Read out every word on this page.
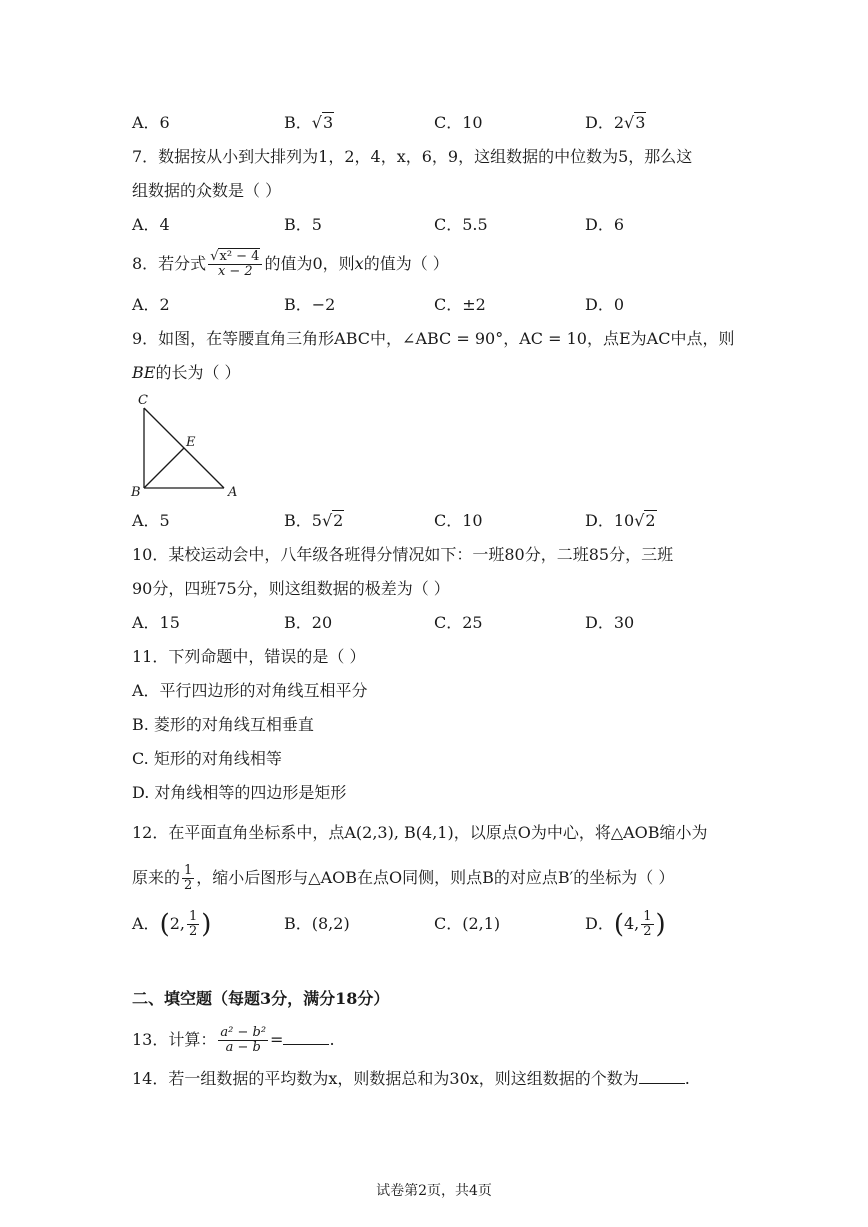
A．6	B．√3	C．10	D．2√3
7．数据按从小到大排列为1，2，4，x，6，9，这组数据的中位数为5，那么这
组数据的众数是（ ）
A．4	B．5	C．5.5	D．6
8．若分式 $\frac{\text{√x² − 4}}{x - 2}$ 的值为0，则x的值为（ ）
A．2	B．−2	C．±2	D．0
9．如图，在等腰直角三角形ABC中，∠ABC = 90°，AC = 10，点E为AC中点，则
BE的长为（ ）
C
E
B	A
A．5	B．5√2	C．10	D．10√2
10．某校运动会中，八年级各班得分情况如下：一班80分，二班85分，三班
90分，四班75分，则这组数据的极差为（ ）
A．15	B．20	C．25	D．30
11．下列命题中，错误的是（ ）
A．平行四边形的对角线互相平分
B. 菱形的对角线互相垂直
C. 矩形的对角线相等
D. 对角线相等的四边形是矩形
12．在平面直角坐标系中，点A(2,3), B(4,1)，以原点O为中心，将△AOB缩小为
原来的 $\frac{1}{2}$ ，缩小后图形与△AOB在点O同侧，则点B的对应点B′的坐标为（ ）
A．(2, $\frac{1}{2}$ )	B．(8,2)	C．(2,1)	D．(4, $\frac{1}{2}$ )
二、填空题（每题3分，满分18分）
13．计算： $\frac{\text{a² − b²}}{a - b}$ =	.
14．若一组数据的平均数为x，则数据总和为30x，则这组数据的个数为	.
试卷第2页，共4页
